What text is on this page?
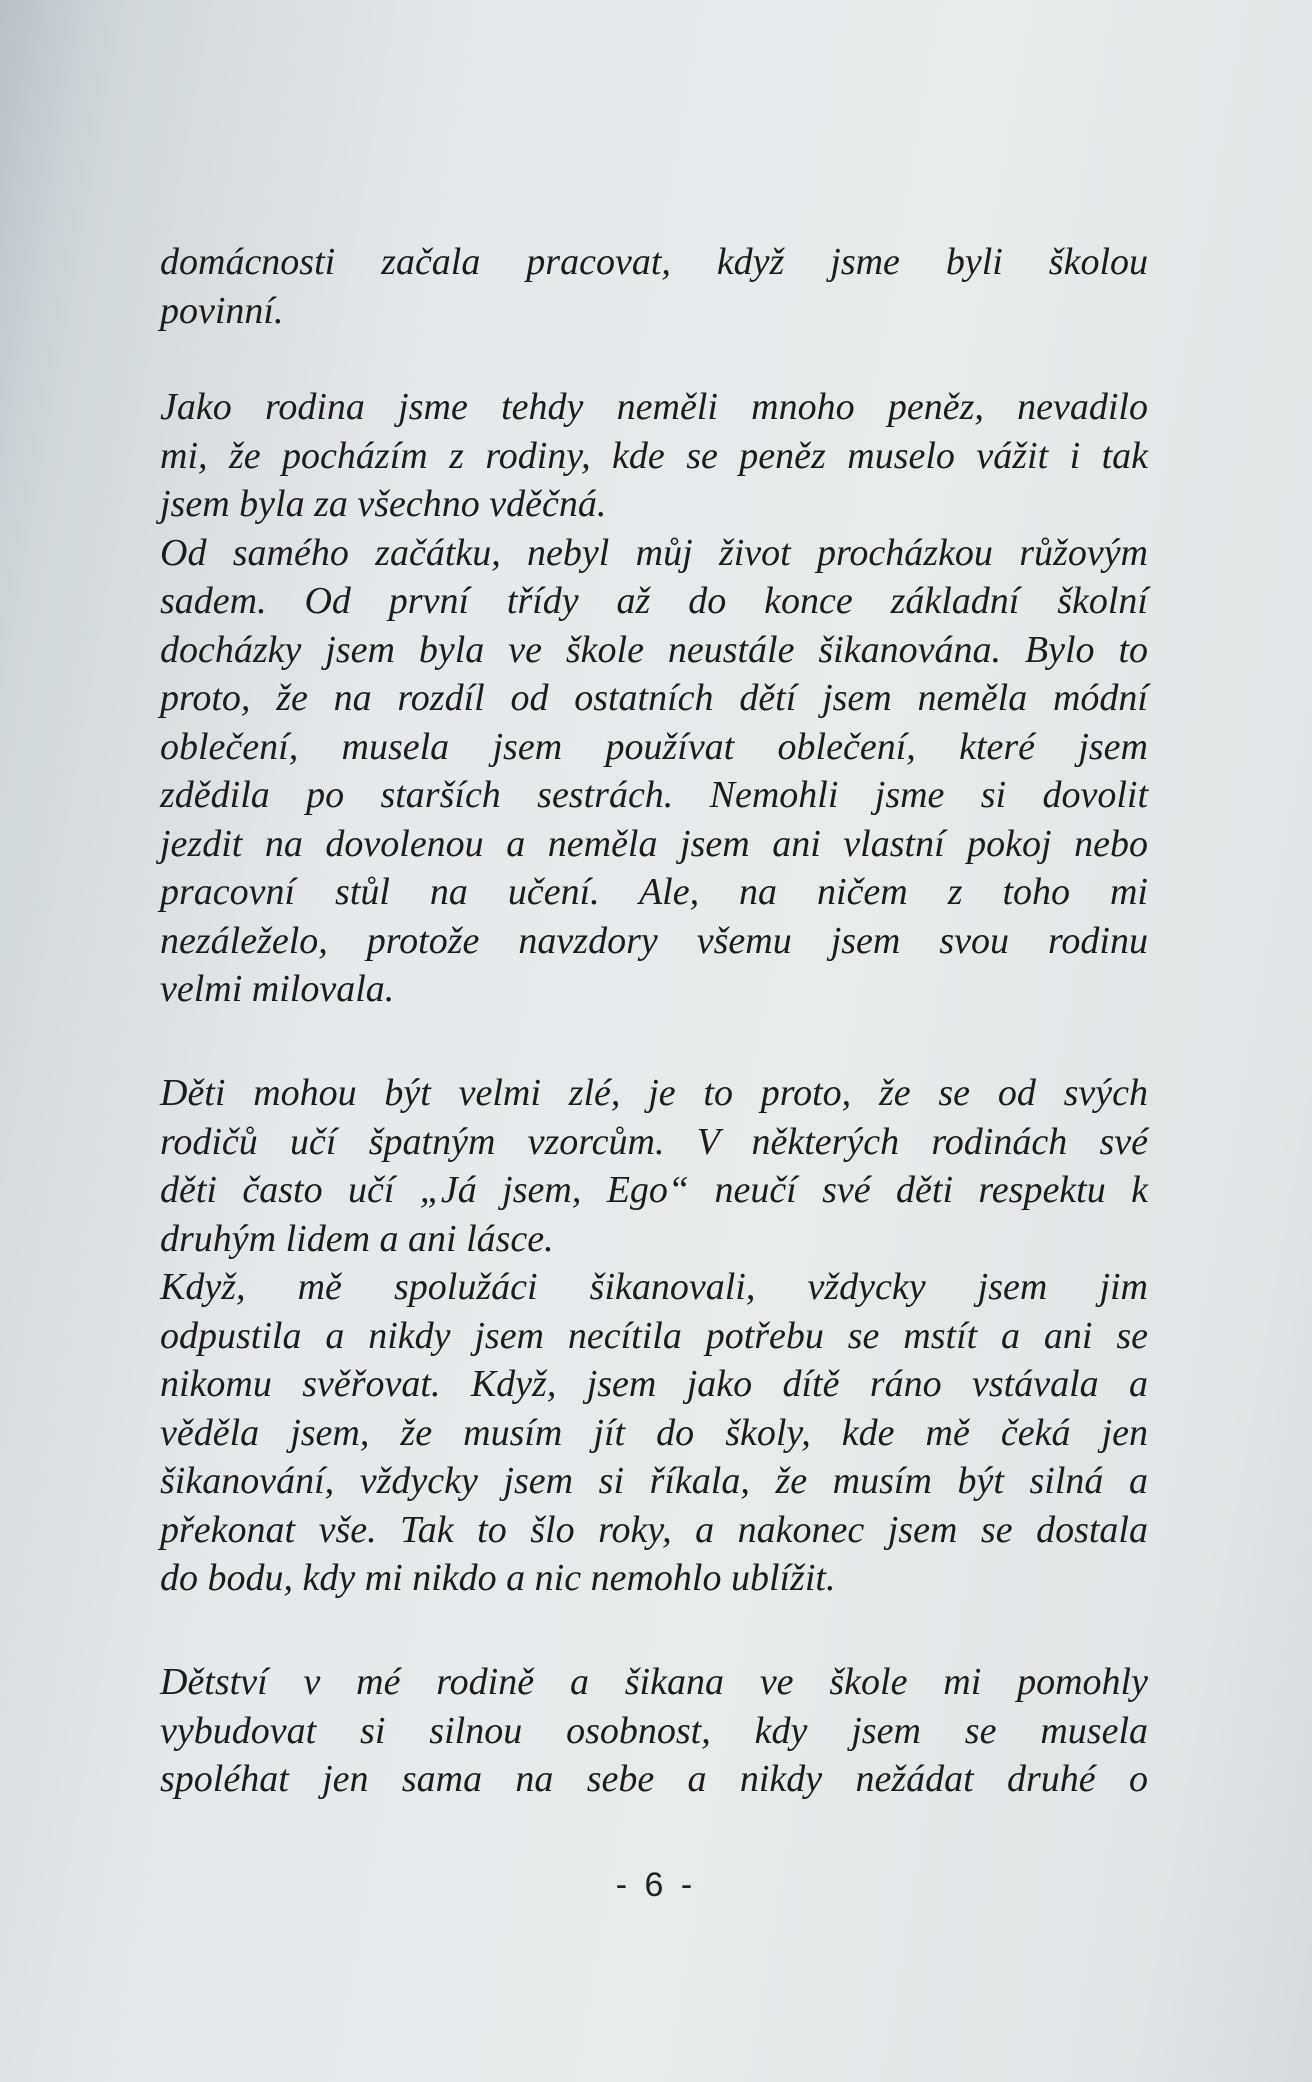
domácnosti začala pracovat, když jsme byli školou
povinní.
Jako rodina jsme tehdy neměli mnoho peněz, nevadilo
mi, že pocházím z rodiny, kde se peněz muselo vážit i tak
jsem byla za všechno vděčná.
Od samého začátku, nebyl můj život procházkou růžovým
sadem. Od první třídy až do konce základní školní
docházky jsem byla ve škole neustále šikanována. Bylo to
proto, že na rozdíl od ostatních dětí jsem neměla módní
oblečení, musela jsem používat oblečení, které jsem
zdědila po starších sestrách. Nemohli jsme si dovolit
jezdit na dovolenou a neměla jsem ani vlastní pokoj nebo
pracovní stůl na učení. Ale, na ničem z toho mi
nezáleželo, protože navzdory všemu jsem svou rodinu
velmi milovala.
Děti mohou být velmi zlé, je to proto, že se od svých
rodičů učí špatným vzorcům. V některých rodinách své
děti často učí „Já jsem, Ego“ neučí své děti respektu k
druhým lidem a ani lásce.
Když, mě spolužáci šikanovali, vždycky jsem jim
odpustila a nikdy jsem necítila potřebu se mstít a ani se
nikomu svěřovat. Když, jsem jako dítě ráno vstávala a
věděla jsem, že musím jít do školy, kde mě čeká jen
šikanování, vždycky jsem si říkala, že musím být silná a
překonat vše. Tak to šlo roky, a nakonec jsem se dostala
do bodu, kdy mi nikdo a nic nemohlo ublížit.
Dětství v mé rodině a šikana ve škole mi pomohly
vybudovat si silnou osobnost, kdy jsem se musela
spoléhat jen sama na sebe a nikdy nežádat druhé o
- 6 -
